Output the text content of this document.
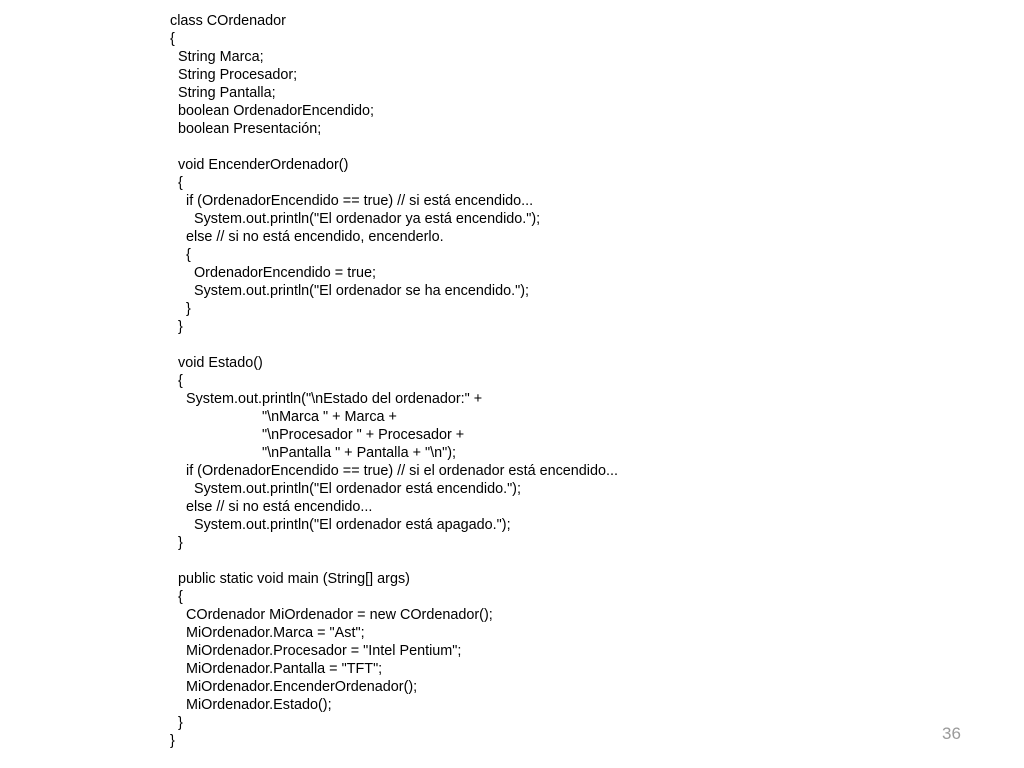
class COrdenador
{
String Marca;
String Procesador;
String Pantalla;
boolean OrdenadorEncendido;
boolean Presentación;
void EncenderOrdenador()
{
if (OrdenadorEncendido == true) // si está encendido...
System.out.println("El ordenador ya está encendido.");
else // si no está encendido, encenderlo.
{
OrdenadorEncendido = true;
System.out.println("El ordenador se ha encendido.");
}
}
void Estado()
{
System.out.println("\nEstado del ordenador:" +
"\nMarca " + Marca +
"\nProcesador " + Procesador +
"\nPantalla " + Pantalla + "\n");
if (OrdenadorEncendido == true) // si el ordenador está encendido...
System.out.println("El ordenador está encendido.");
else // si no está encendido...
System.out.println("El ordenador está apagado.");
}
public static void main (String[] args)
{
COrdenador MiOrdenador = new COrdenador();
MiOrdenador.Marca = "Ast";
MiOrdenador.Procesador = "Intel Pentium";
MiOrdenador.Pantalla = "TFT";
MiOrdenador.EncenderOrdenador();
MiOrdenador.Estado();
}
}	36
